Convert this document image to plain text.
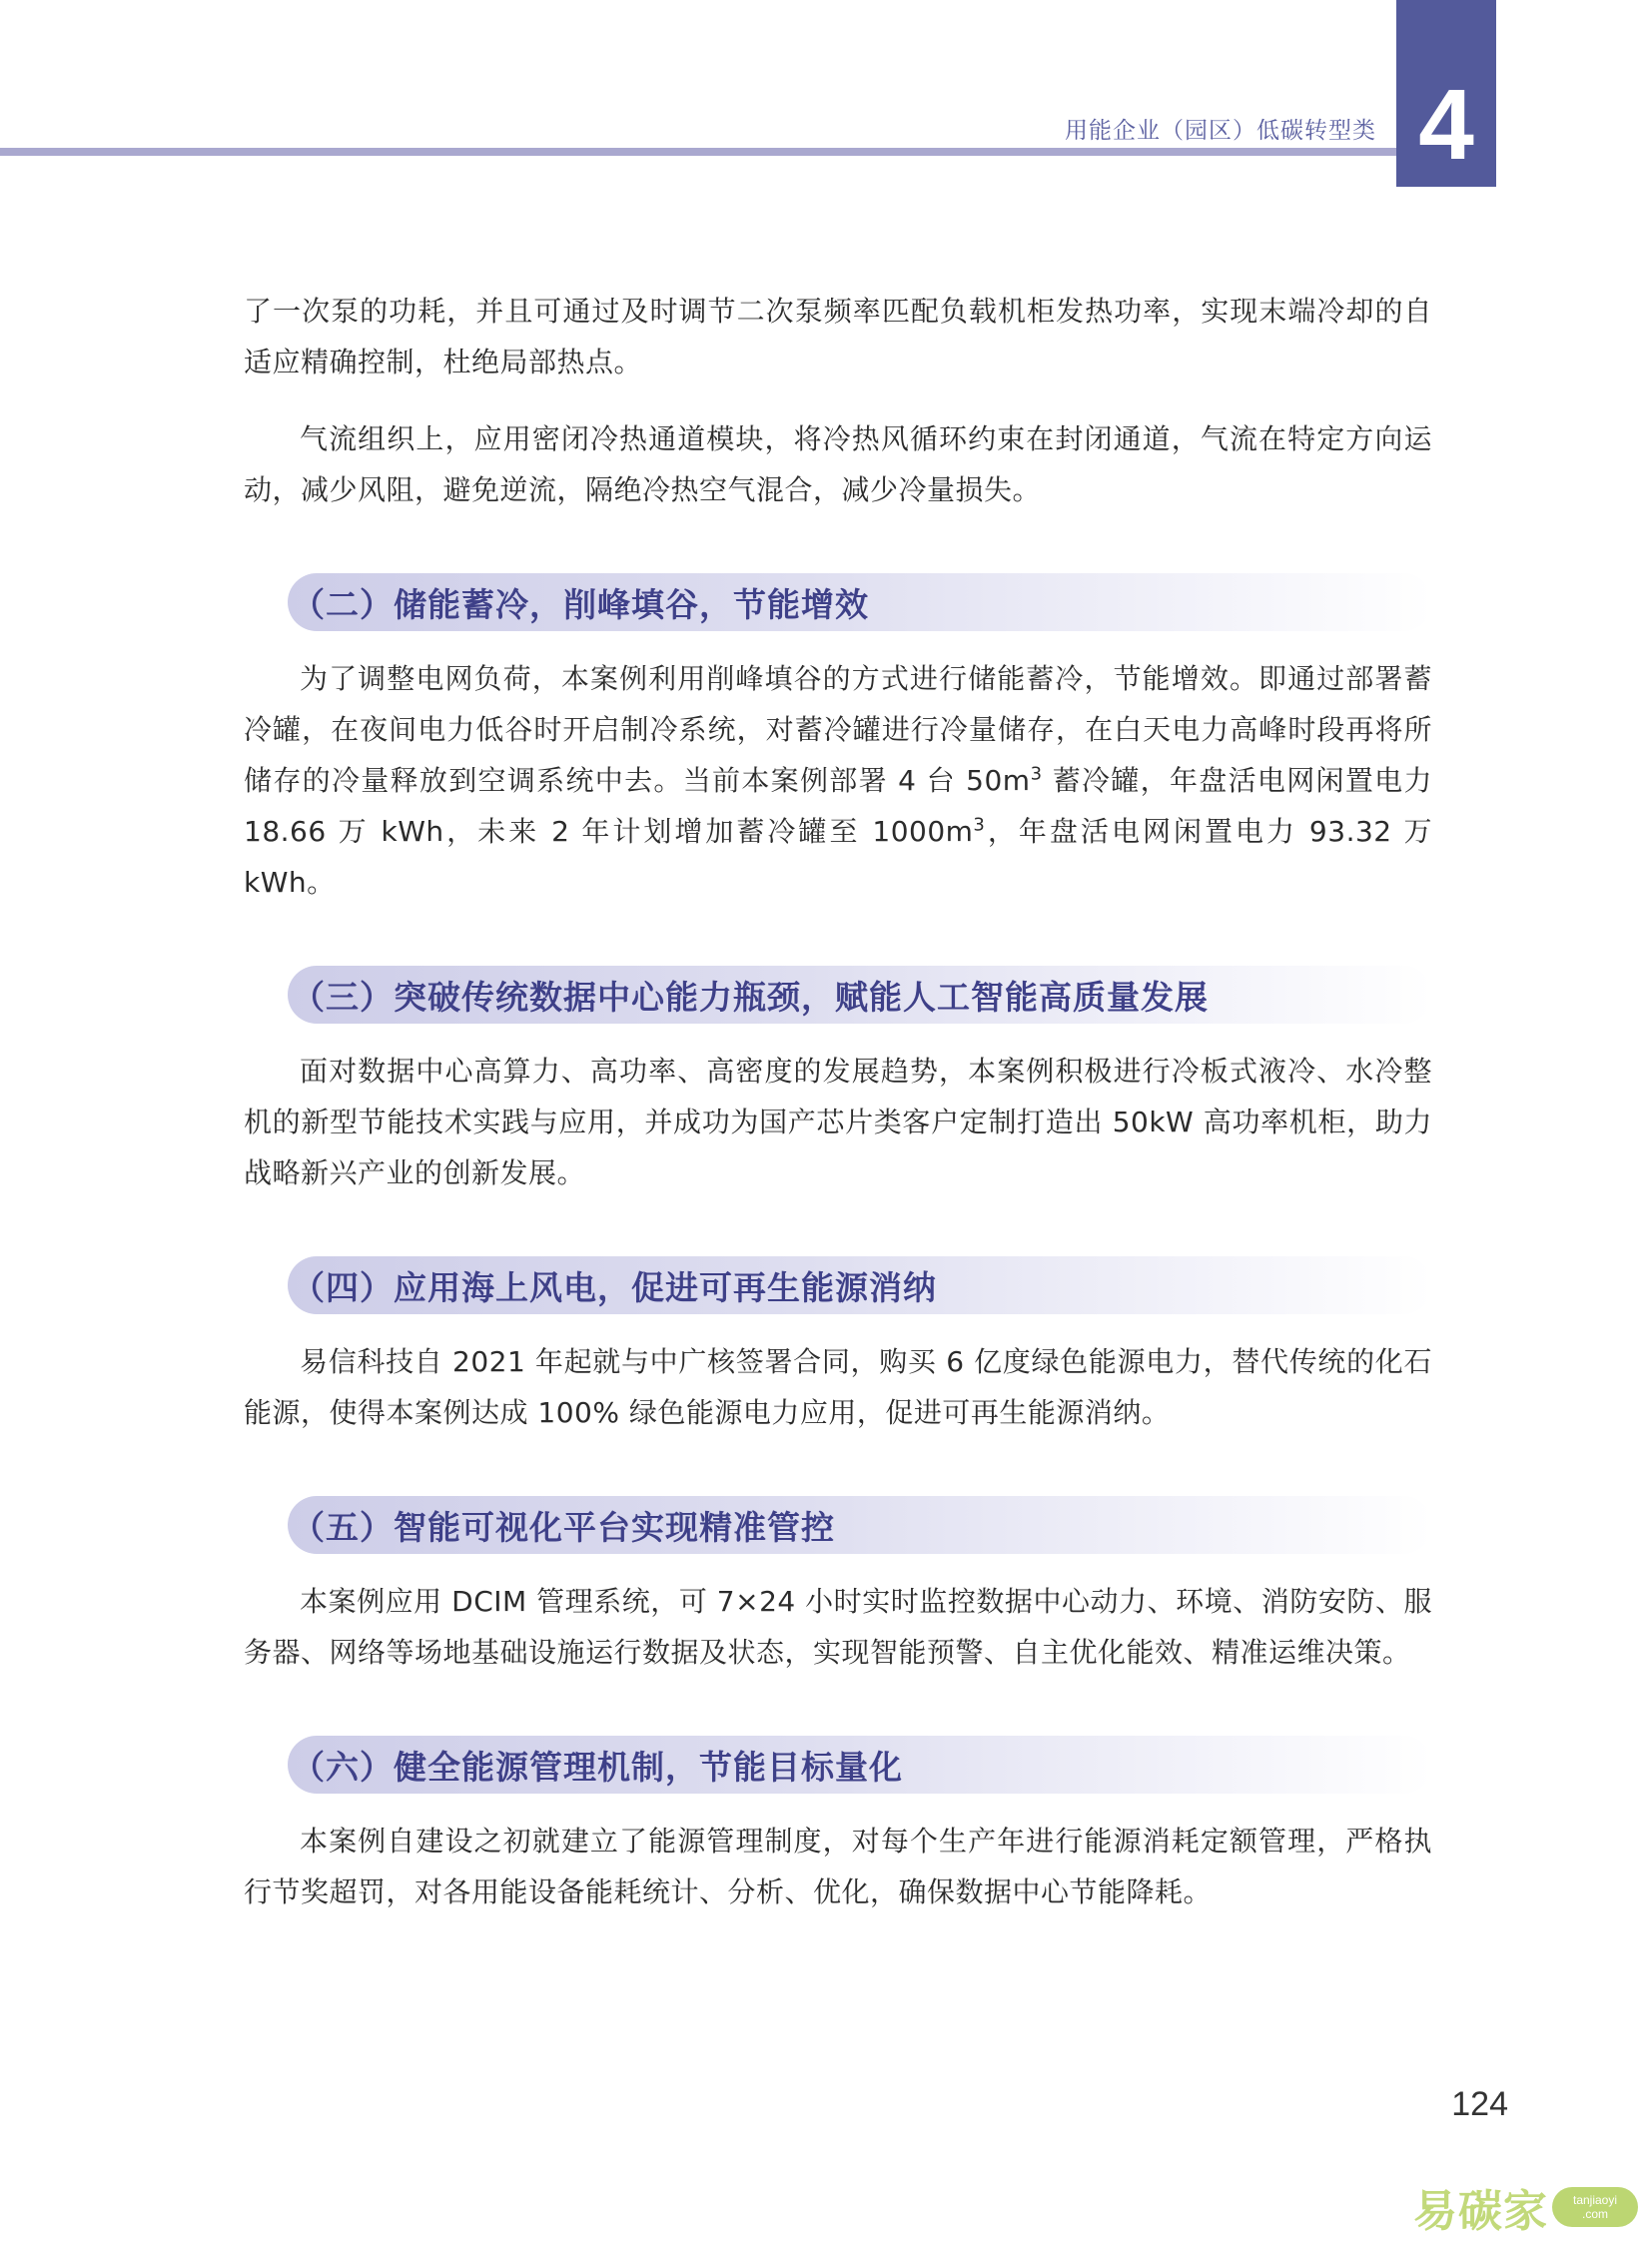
用能企业（园区）低碳转型类 4

了一次泵的功耗，并且可通过及时调节二次泵频率匹配负载机柜发热功率，实现末端冷却的自适应精确控制，杜绝局部热点。

气流组织上，应用密闭冷热通道模块，将冷热风循环约束在封闭通道，气流在特定方向运动，减少风阻，避免逆流，隔绝冷热空气混合，减少冷量损失。

（二）储能蓄冷，削峰填谷，节能增效

为了调整电网负荷，本案例利用削峰填谷的方式进行储能蓄冷，节能增效。即通过部署蓄冷罐，在夜间电力低谷时开启制冷系统，对蓄冷罐进行冷量储存，在白天电力高峰时段再将所储存的冷量释放到空调系统中去。当前本案例部署 4 台 $50m^3$ 蓄冷罐，年盘活电网闲置电力 18.66 万 kWh，未来 2 年计划增加蓄冷罐至 $1000m^3$，年盘活电网闲置电力 93.32 万 kWh。

（三）突破传统数据中心能力瓶颈，赋能人工智能高质量发展

面对数据中心高算力、高功率、高密度的发展趋势，本案例积极进行冷板式液冷、水冷整机的新型节能技术实践与应用，并成功为国产芯片类客户定制打造出 50kW 高功率机柜，助力战略新兴产业的创新发展。

（四）应用海上风电，促进可再生能源消纳

易信科技自 2021 年起就与中广核签署合同，购买 6 亿度绿色能源电力，替代传统的化石能源，使得本案例达成 100% 绿色能源电力应用，促进可再生能源消纳。

（五）智能可视化平台实现精准管控

本案例应用 DCIM 管理系统，可 7×24 小时实时监控数据中心动力、环境、消防安防、服务器、网络等场地基础设施运行数据及状态，实现智能预警、自主优化能效、精准运维决策。

（六）健全能源管理机制，节能目标量化

本案例自建设之初就建立了能源管理制度，对每个生产年进行能源消耗定额管理，严格执行节奖超罚，对各用能设备能耗统计、分析、优化，确保数据中心节能降耗。

124
易碳家 tanjiaoyi
.com
